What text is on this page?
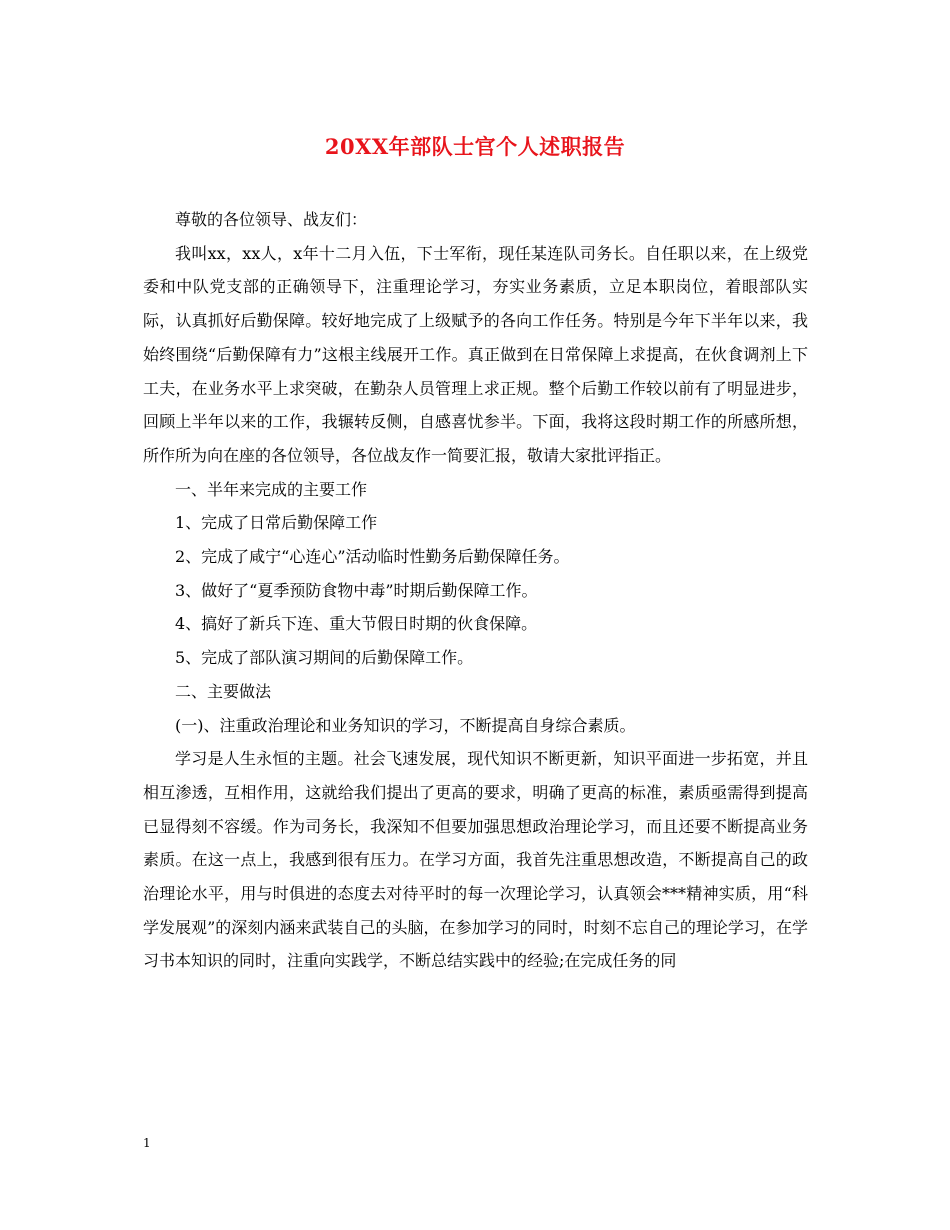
20XX年部队士官个人述职报告

尊敬的各位领导、战友们：

我叫xx，xx人，x年十二月入伍，下士军衔，现任某连队司务长。自任职以来，在上级党委和中队党支部的正确领导下，注重理论学习，夯实业务素质，立足本职岗位，着眼部队实际，认真抓好后勤保障。较好地完成了上级赋予的各向工作任务。特别是今年下半年以来，我始终围绕“后勤保障有力”这根主线展开工作。真正做到在日常保障上求提高，在伙食调剂上下工夫，在业务水平上求突破，在勤杂人员管理上求正规。整个后勤工作较以前有了明显进步，回顾上半年以来的工作，我辗转反侧，自感喜忧参半。下面，我将这段时期工作的所感所想，所作所为向在座的各位领导，各位战友作一简要汇报，敬请大家批评指正。

一、半年来完成的主要工作

1、完成了日常后勤保障工作

2、完成了咸宁“心连心”活动临时性勤务后勤保障任务。

3、做好了“夏季预防食物中毒”时期后勤保障工作。

4、搞好了新兵下连、重大节假日时期的伙食保障。

5、完成了部队演习期间的后勤保障工作。

二、主要做法

(一)、注重政治理论和业务知识的学习，不断提高自身综合素质。

学习是人生永恒的主题。社会飞速发展，现代知识不断更新，知识平面进一步拓宽，并且相互渗透，互相作用，这就给我们提出了更高的要求，明确了更高的标准，素质亟需得到提高已显得刻不容缓。作为司务长，我深知不但要加强思想政治理论学习，而且还要不断提高业务素质。在这一点上，我感到很有压力。在学习方面，我首先注重思想改造，不断提高自己的政治理论水平，用与时俱进的态度去对待平时的每一次理论学习，认真领会***精神实质，用“科学发展观”的深刻内涵来武装自己的头脑，在参加学习的同时，时刻不忘自己的理论学习，在学习书本知识的同时，注重向实践学，不断总结实践中的经验;在完成任务的同

1
